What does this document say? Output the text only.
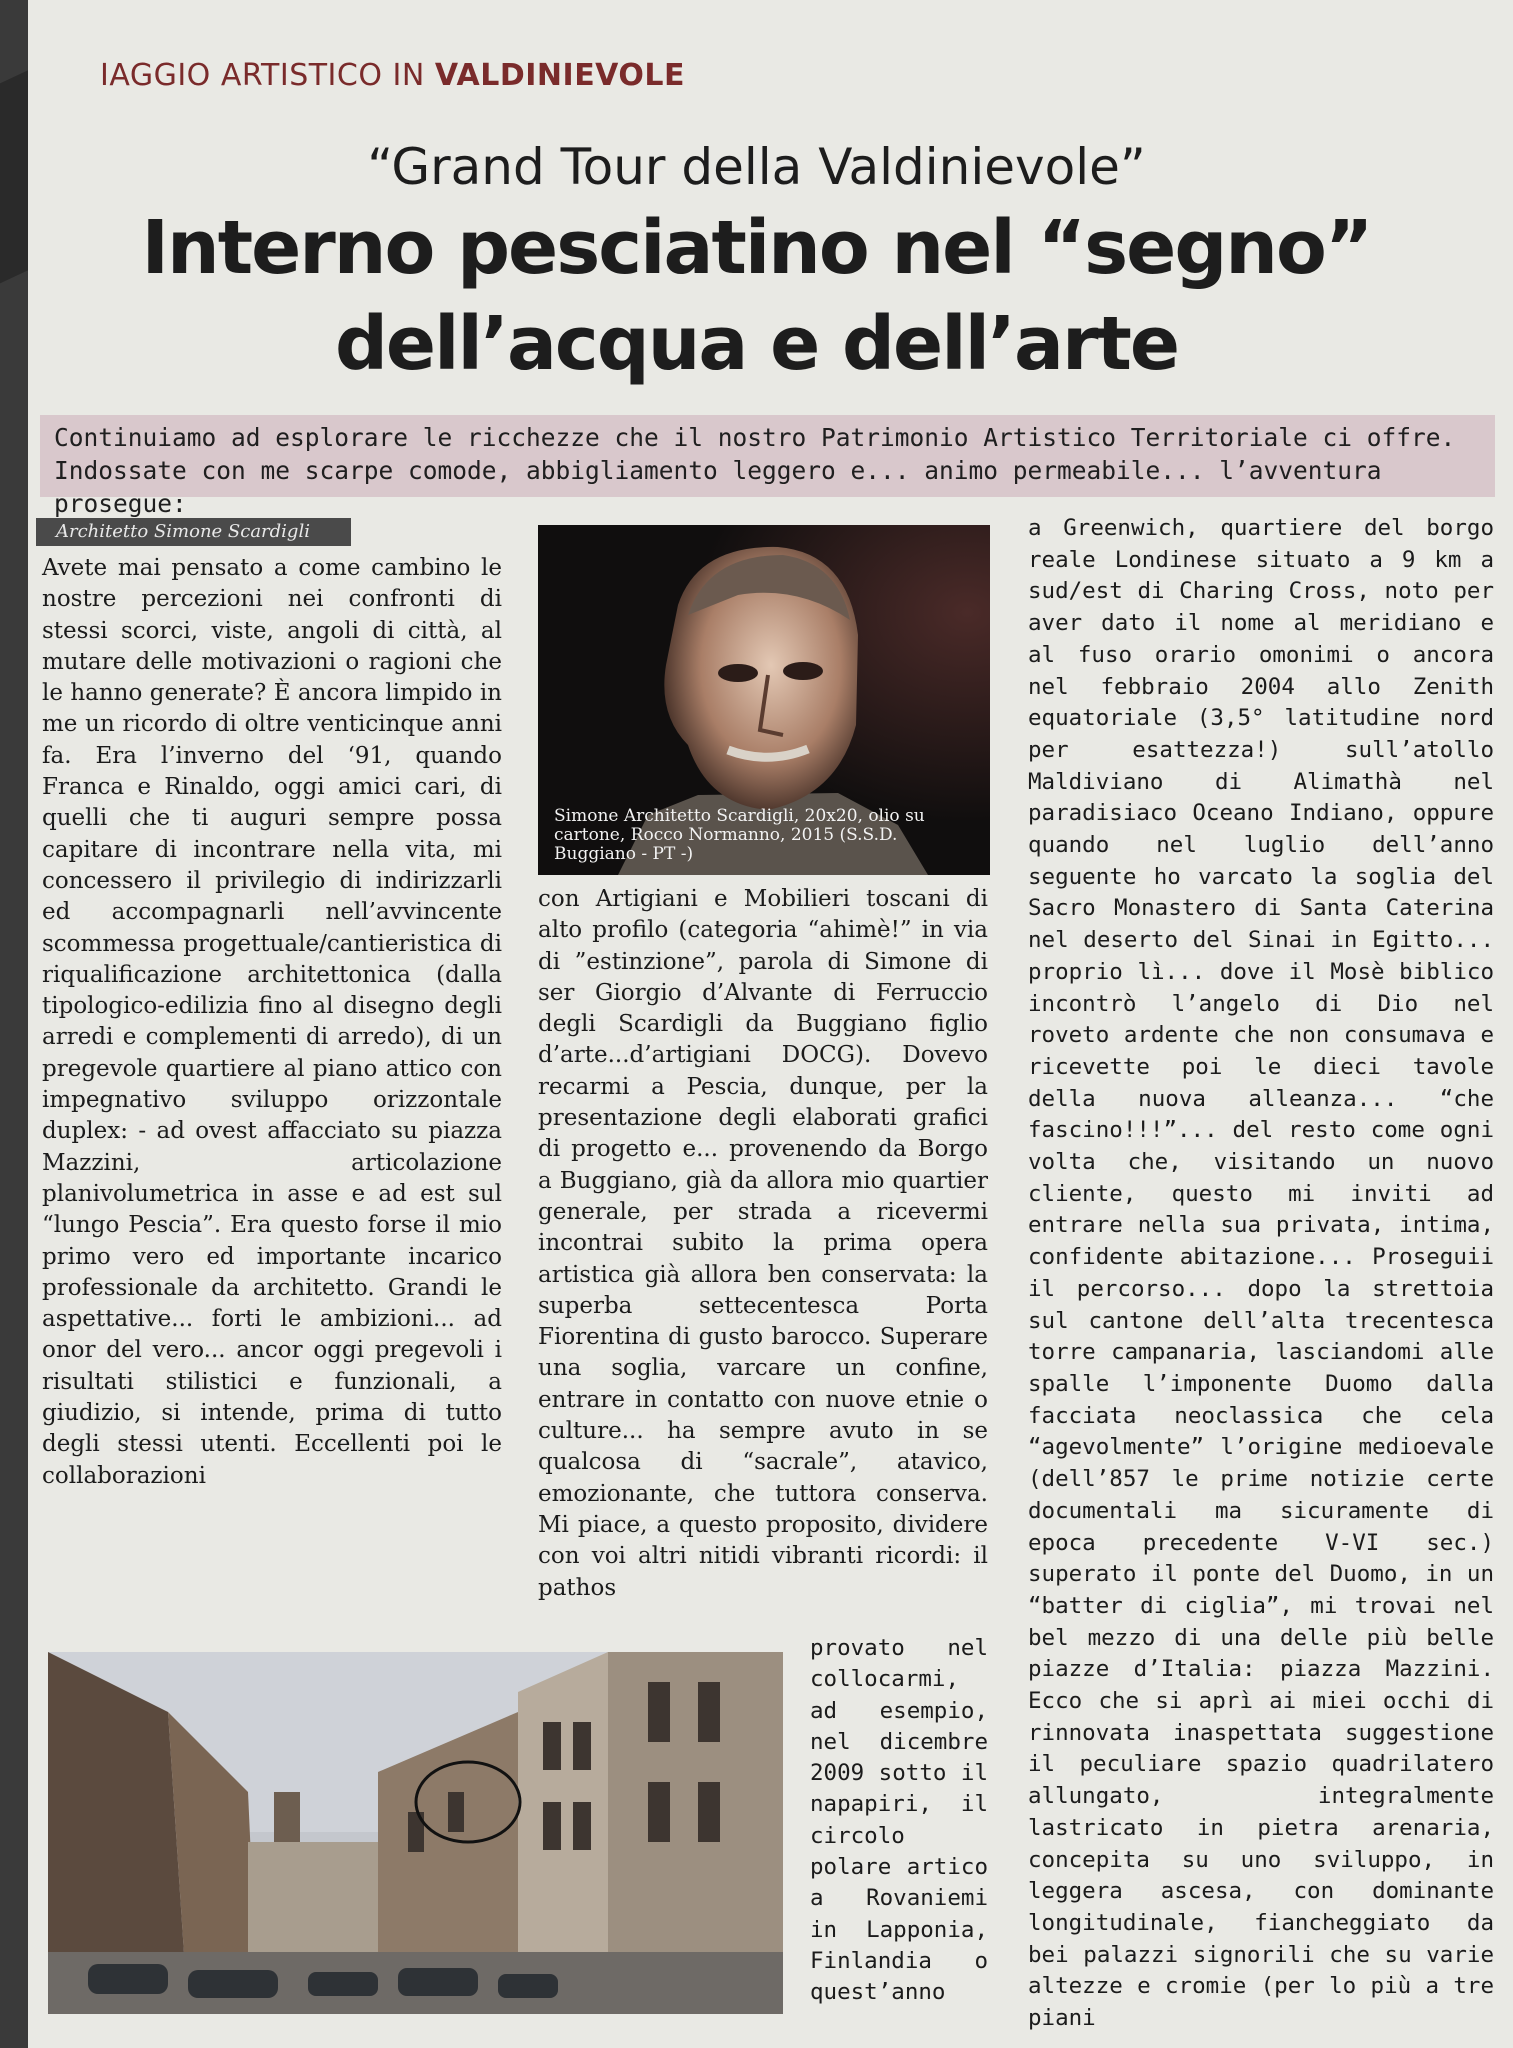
IAGGIO ARTISTICO IN VALDINIEVOLE
“Grand Tour della Valdinievole”
Interno pesciatino nel “segno”
dell’acqua e dell’arte
Continuiamo ad esplorare le ricchezze che il nostro Patrimonio Artistico Territoriale ci offre. Indossate con me scarpe comode, abbigliamento leggero e... animo permeabile... l’avventura prosegue:
Architetto Simone Scardigli
Avete mai pensato a come cambino le nostre percezioni nei confronti di stessi scorci, viste, angoli di città, al mutare delle motivazioni o ragioni che le hanno generate? È ancora limpido in me un ricordo di oltre venticinque anni fa. Era l’inverno del ‘91, quando Franca e Rinaldo, oggi amici cari, di quelli che ti auguri sempre possa capitare di incontrare nella vita, mi concessero il privilegio di indirizzarli ed accompagnarli nell’avvincente scommessa progettuale/cantieristica di riqualificazione architettonica (dalla tipologico-edilizia fino al disegno degli arredi e complementi di arredo), di un pregevole quartiere al piano attico con impegnativo sviluppo orizzontale duplex: - ad ovest affacciato su piazza Mazzini, articolazione planivolumetrica in asse e ad est sul “lungo Pescia”. Era questo forse il mio primo vero ed importante incarico professionale da architetto. Grandi le aspettative... forti le ambizioni... ad onor del vero... ancor oggi pregevoli i risultati stilistici e funzionali, a giudizio, si intende, prima di tutto degli stessi utenti. Eccellenti poi le collaborazioni
Simone Architetto Scardigli, 20x20, olio su cartone, Rocco Normanno, 2015 (S.S.D. Buggiano - PT -)
con Artigiani e Mobilieri toscani di alto profilo (categoria “ahimè!” in via di ”estinzione”, parola di Simone di ser Giorgio d’Alvante di Ferruccio degli Scardigli da Buggiano figlio d’arte...d’artigiani DOCG). Dovevo recarmi a Pescia, dunque, per la presentazione degli elaborati grafici di progetto e... provenendo da Borgo a Buggiano, già da allora mio quartier generale, per strada a ricevermi incontrai subito la prima opera artistica già allora ben conservata: la superba settecentesca Porta Fiorentina di gusto barocco. Superare una soglia, varcare un confine, entrare in contatto con nuove etnie o culture... ha sempre avuto in se qualcosa di “sacrale”, atavico, emozionante, che tuttora conserva. Mi piace, a questo proposito, dividere con voi altri nitidi vibranti ricordi: il pathos
provato nel collocarmi, ad esempio, nel dicembre 2009 sotto il napapiri, il circolo polare artico a Rovaniemi in Lapponia, Finlandia o quest’anno
a Greenwich, quartiere del borgo reale Londinese situato a 9 km a sud/est di Charing Cross, noto per aver dato il nome al meridiano e al fuso orario omonimi o ancora nel febbraio 2004 allo Zenith equatoriale (3,5° latitudine nord per esattezza!) sull’atollo Maldiviano di Alimathà nel paradisiaco Oceano Indiano, oppure quando nel luglio dell’anno seguente ho varcato la soglia del Sacro Monastero di Santa Caterina nel deserto del Sinai in Egitto... proprio lì... dove il Mosè biblico incontrò l’angelo di Dio nel roveto ardente che non consumava e ricevette poi le dieci tavole della nuova alleanza... “che fascino!!!”... del resto come ogni volta che, visitando un nuovo cliente, questo mi inviti ad entrare nella sua privata, intima, confidente abitazione... Proseguii il percorso... dopo la strettoia sul cantone dell’alta trecentesca torre campanaria, lasciandomi alle spalle l’imponente Duomo dalla facciata neoclassica che cela “agevolmente” l’origine medioevale (dell’857 le prime notizie certe documentali ma sicuramente di epoca precedente V-VI sec.) superato il ponte del Duomo, in un “batter di ciglia”, mi trovai nel bel mezzo di una delle più belle piazze d’Italia: piazza Mazzini. Ecco che si aprì ai miei occhi di rinnovata inaspettata suggestione il peculiare spazio quadrilatero allungato, integralmente lastricato in pietra arenaria, concepita su uno sviluppo, in leggera ascesa, con dominante longitudinale, fiancheggiato da bei palazzi signorili che su varie altezze e cromie (per lo più a tre piani
